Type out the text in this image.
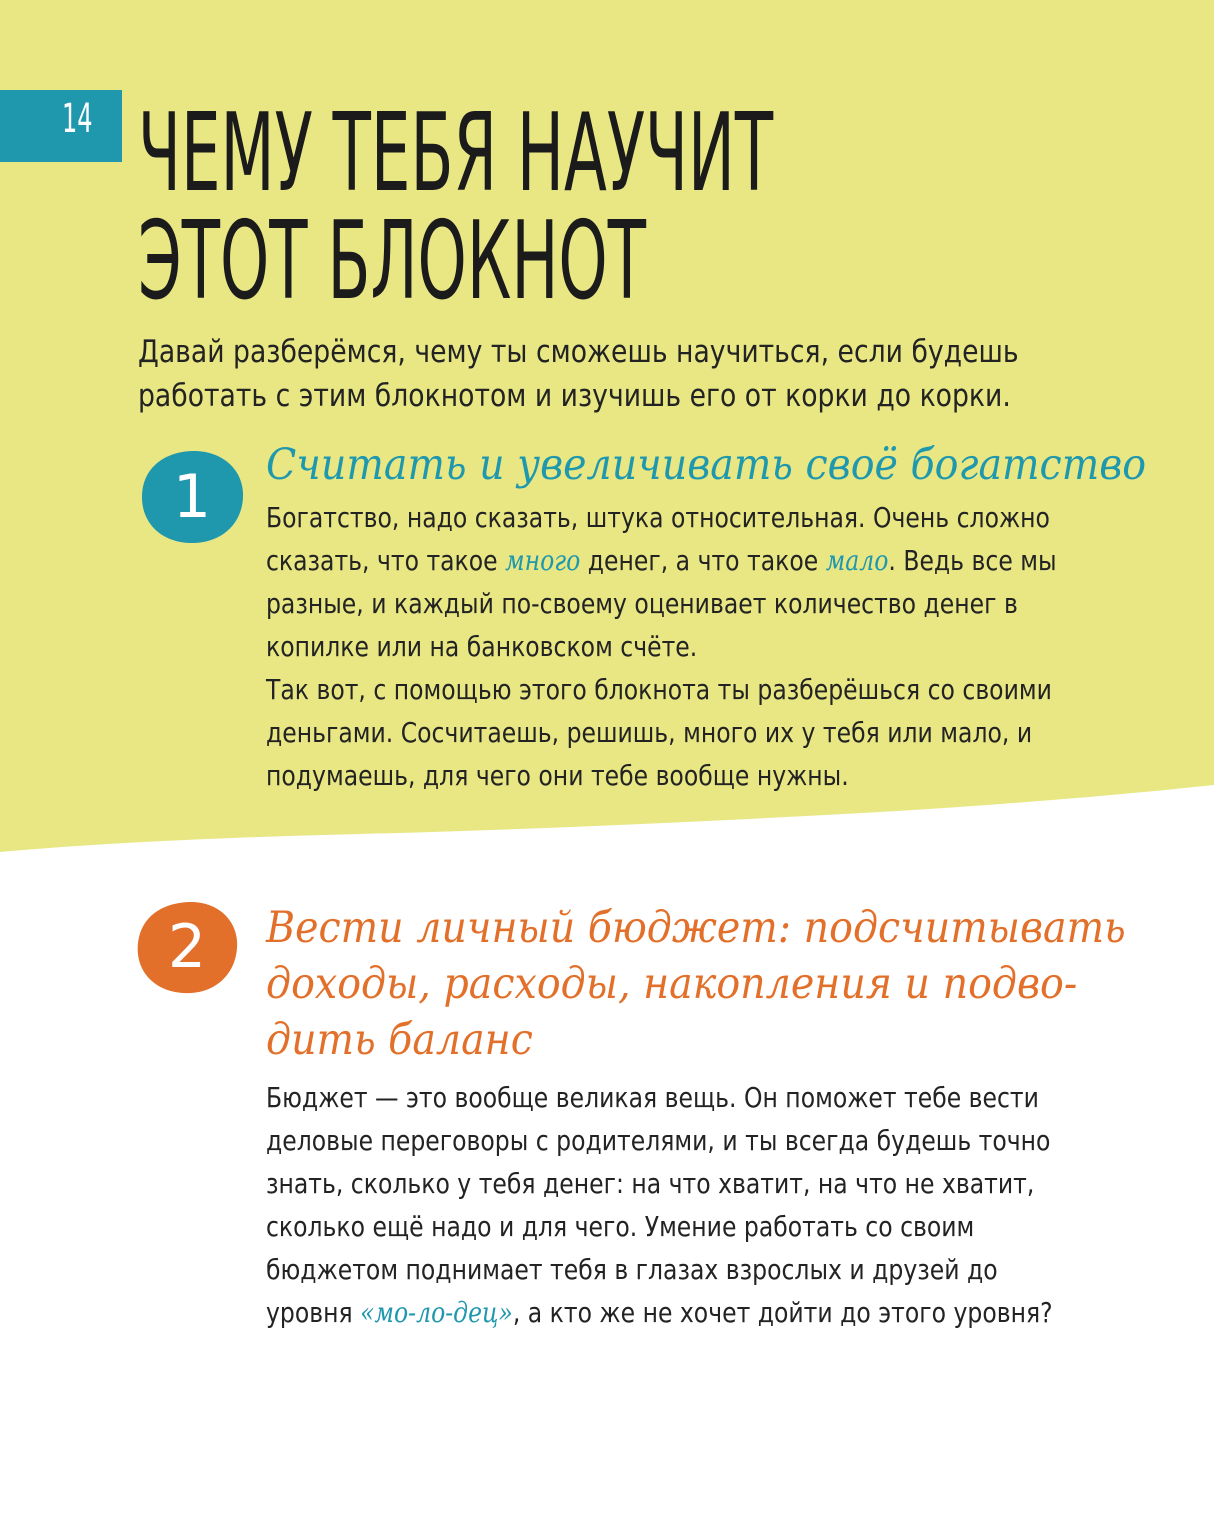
14 ЧЕМУ ТЕБЯ НАУЧИТ
ЭТОТ БЛОКНОТ
Давай разберёмся, чему ты сможешь научиться, если будешь работать с этим блокнотом и изучишь его от корки до корки.
1	Считать и увеличивать своё богатство

Богатство, надо сказать, штука относительная. Очень сложно сказать, что такое много денег, а что такое мало. Ведь все мы разные, и каждый по-своему оценивает количество денег в копилке или на банковском счёте.

Так вот, с помощью этого блокнота ты разберёшься со своими деньгами. Сосчитаешь, решишь, много их у тебя или мало, и подумаешь, для чего они тебе вообще нужны.

2	Вести личный бюджет: подсчитывать
доходы, расходы, накопления и подво-
дить баланс

Бюджет — это вообще великая вещь. Он поможет тебе вести деловые переговоры с родителями, и ты всегда будешь точно знать, сколько у тебя денег: на что хватит, на что не хватит, сколько ещё надо и для чего. Умение работать со своим бюджетом поднимает тебя в глазах взрослых и друзей до уровня «мо-ло-дец», а кто же не хочет дойти до этого уровня?
